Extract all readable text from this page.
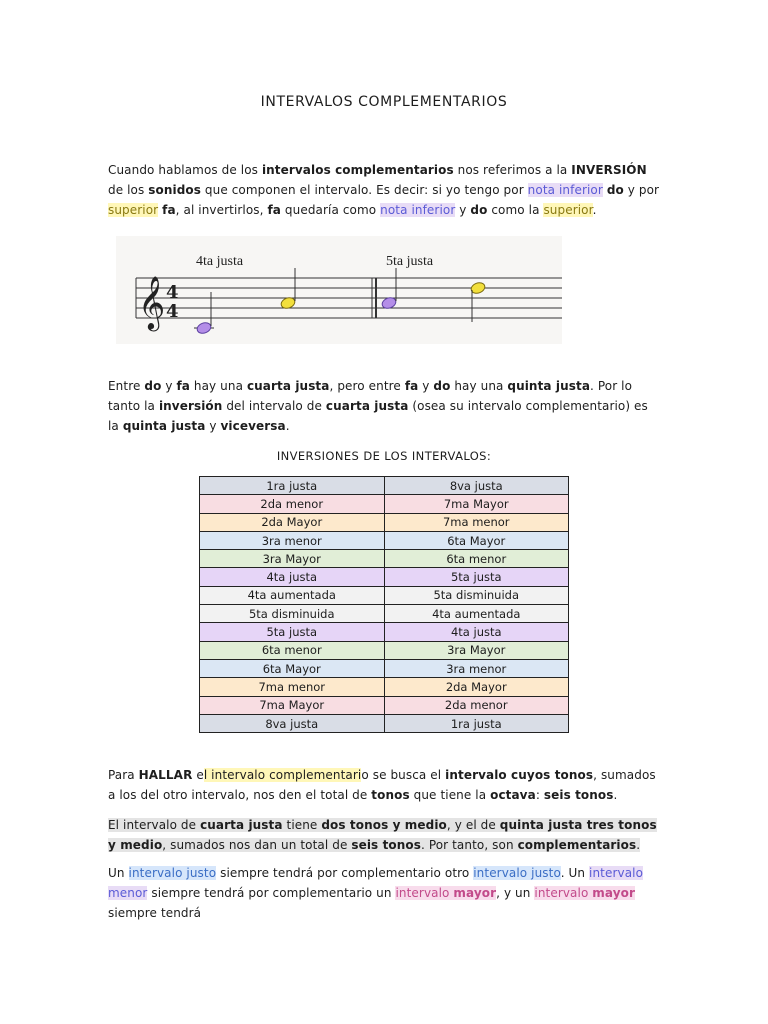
INTERVALOS COMPLEMENTARIOS
Cuando hablamos de los intervalos complementarios nos referimos a la INVERSIÓN de los sonidos que componen el intervalo. Es decir: si yo tengo por nota inferior do y por superior fa, al invertirlos, fa quedaría como nota inferior y do como la superior.
𝄞 4
4
4ta justa	5ta justa
Entre do y fa hay una cuarta justa, pero entre fa y do hay una quinta justa. Por lo tanto la inversión del intervalo de cuarta justa (osea su intervalo complementario) es la quinta justa y viceversa.
INVERSIONES DE LOS INTERVALOS:
1ra justa	8va justa
2da menor	7ma Mayor
2da Mayor	7ma menor
3ra menor	6ta Mayor
3ra Mayor	6ta menor
4ta justa	5ta justa
4ta aumentada	5ta disminuida
5ta disminuida	4ta aumentada
5ta justa	4ta justa
6ta menor	3ra Mayor
6ta Mayor	3ra menor
7ma menor	2da Mayor
7ma Mayor	2da menor
8va justa	1ra justa
Para HALLAR el intervalo complementario se busca el intervalo cuyos tonos, sumados a los del otro intervalo, nos den el total de tonos que tiene la octava: seis tonos.
El intervalo de cuarta justa tiene dos tonos y medio, y el de quinta justa tres tonos y medio, sumados nos dan un total de seis tonos. Por tanto, son complementarios.
Un intervalo justo siempre tendrá por complementario otro intervalo justo. Un intervalo menor siempre tendrá por complementario un intervalo mayor, y un intervalo mayor siempre tendrá
